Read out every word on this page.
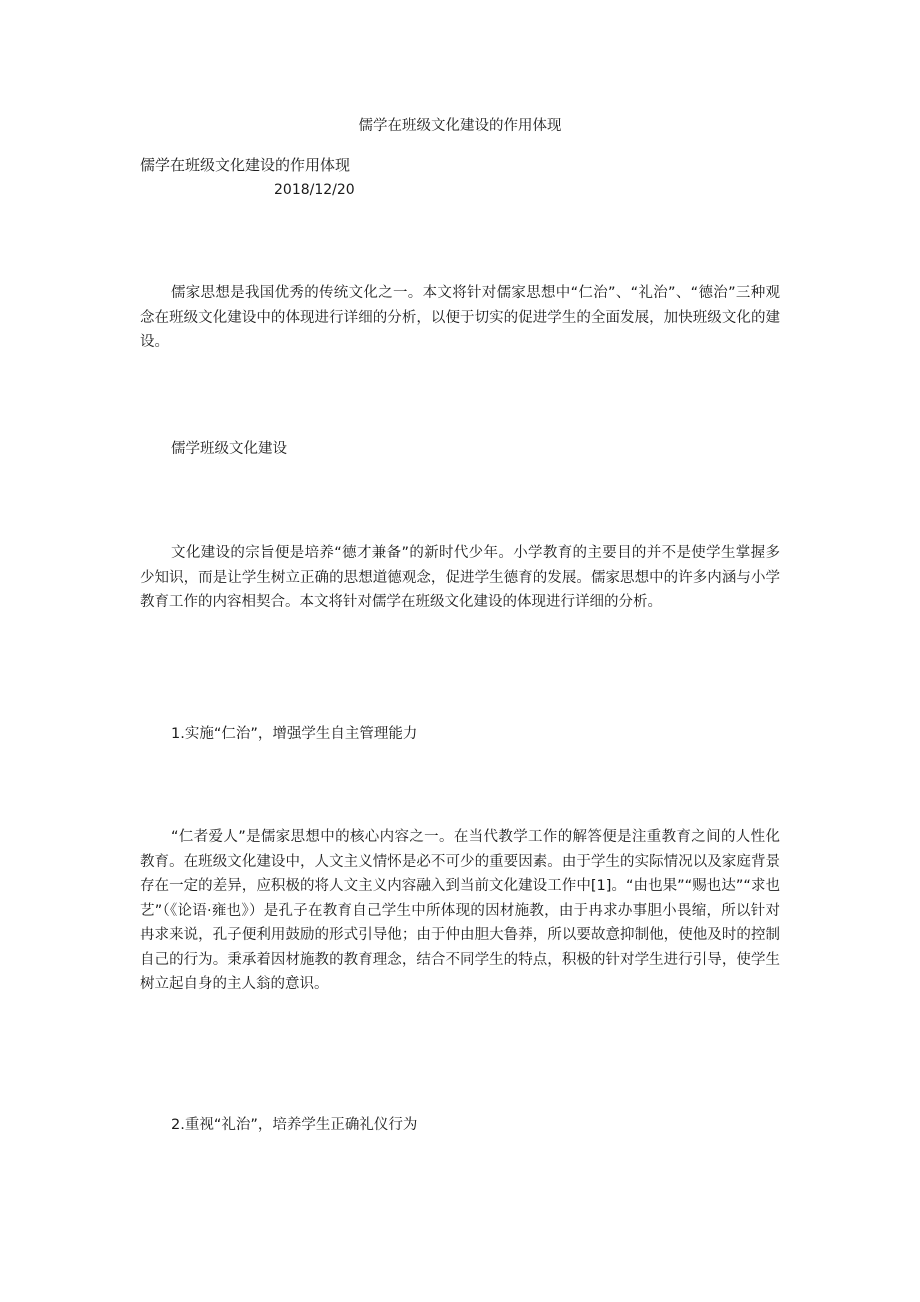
儒学在班级文化建设的作用体现
儒学在班级文化建设的作用体现
2018/12/20

儒家思想是我国优秀的传统文化之一。本文将针对儒家思想中“仁治”、“礼治”、“德治”三种观念在班级文化建设中的体现进行详细的分析，以便于切实的促进学生的全面发展，加快班级文化的建设。

儒学班级文化建设

文化建设的宗旨便是培养“德才兼备”的新时代少年。小学教育的主要目的并不是使学生掌握多少知识，而是让学生树立正确的思想道德观念，促进学生德育的发展。儒家思想中的许多内涵与小学教育工作的内容相契合。本文将针对儒学在班级文化建设的体现进行详细的分析。

1.实施“仁治”，增强学生自主管理能力

“仁者爱人”是儒家思想中的核心内容之一。在当代教学工作的解答便是注重教育之间的人性化教育。在班级文化建设中，人文主义情怀是必不可少的重要因素。由于学生的实际情况以及家庭背景存在一定的差异，应积极的将人文主义内容融入到当前文化建设工作中[1]。“由也果”“赐也达”“求也艺”（《论语·雍也》）是孔子在教育自己学生中所体现的因材施教，由于冉求办事胆小畏缩，所以针对冉求来说，孔子便利用鼓励的形式引导他；由于仲由胆大鲁莽，所以要故意抑制他，使他及时的控制自己的行为。秉承着因材施教的教育理念，结合不同学生的特点，积极的针对学生进行引导，使学生树立起自身的主人翁的意识。

2.重视“礼治”，培养学生正确礼仪行为
